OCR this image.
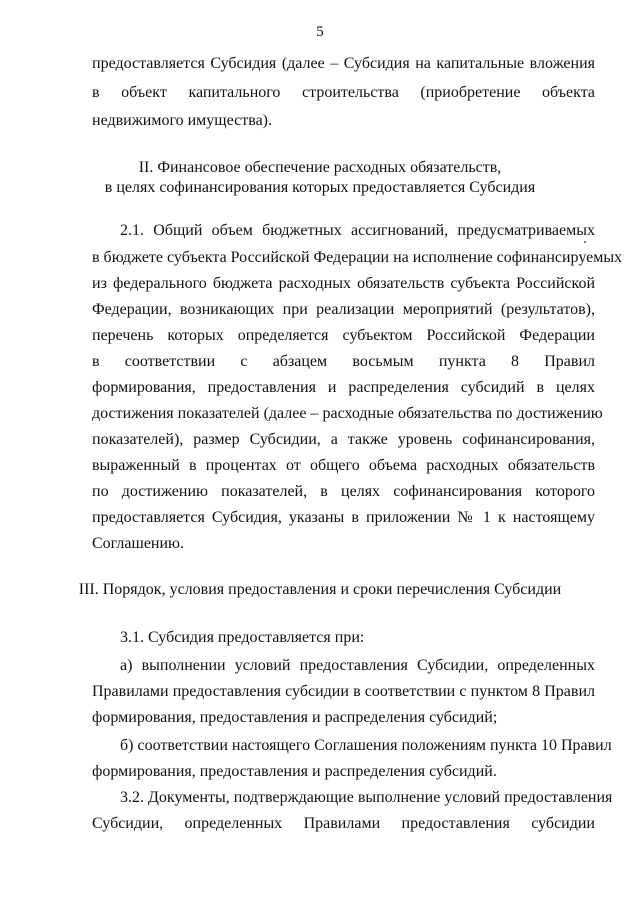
5
предоставляется Субсидия (далее – Субсидия на капитальные вложения
в объект капитального строительства (приобретение объекта
недвижимого имущества).
II. Финансовое обеспечение расходных обязательств,
в целях софинансирования которых предоставляется Субсидия
2.1. Общий объем бюджетных ассигнований, предусматриваемых
в бюджете субъекта Российской Федерации на исполнение софинансируемых
из федерального бюджета расходных обязательств субъекта Российской
Федерации, возникающих при реализации мероприятий (результатов),
перечень которых определяется субъектом Российской Федерации
в соответствии с абзацем восьмым пункта 8 Правил
формирования, предоставления и распределения субсидий в целях
достижения показателей (далее – расходные обязательства по достижению
показателей), размер Субсидии, а также уровень софинансирования,
выраженный в процентах от общего объема расходных обязательств
по достижению показателей, в целях софинансирования которого
предоставляется Субсидия, указаны в приложении № 1 к настоящему
Соглашению.
III. Порядок, условия предоставления и сроки перечисления Субсидии
3.1. Субсидия предоставляется при:
а) выполнении условий предоставления Субсидии, определенных
Правилами предоставления субсидии в соответствии с пунктом 8 Правил
формирования, предоставления и распределения субсидий;
б) соответствии настоящего Соглашения положениям пункта 10 Правил
формирования, предоставления и распределения субсидий.
3.2. Документы, подтверждающие выполнение условий предоставления
Субсидии, определенных Правилами предоставления субсидии
